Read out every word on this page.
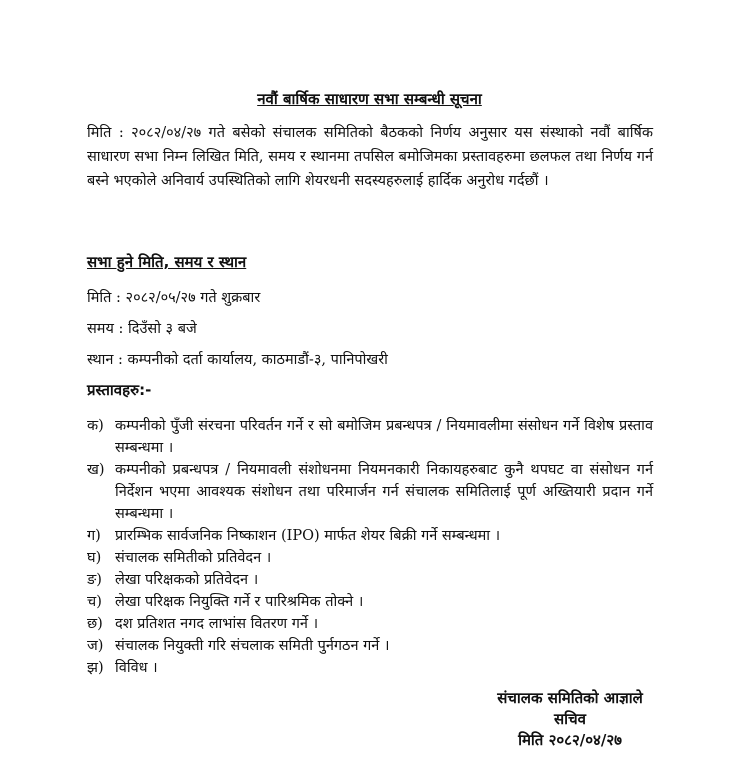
नवौं बार्षिक साधारण सभा सम्बन्धी सूचना
मिति : २०८२/०४/२७ गते बसेको संचालक समितिको बैठकको निर्णय अनुसार यस संस्थाको नवौं बार्षिक साधारण सभा निम्न लिखित मिति, समय र स्थानमा तपसिल बमोजिमका प्रस्तावहरुमा छलफल तथा निर्णय गर्न बस्ने भएकोले अनिवार्य उपस्थितिको लागि शेयरधनी सदस्यहरुलाई हार्दिक अनुरोध गर्दछौं ।
सभा हुने मिति, समय र स्थान
मिति : २०८२/०५/२७ गते शुक्रबार
समय : दिउँसो ३ बजे
स्थान : कम्पनीको दर्ता कार्यालय, काठमाडौं-३, पानिपोखरी
प्रस्तावहरु:-
क) कम्पनीको पुँजी संरचना परिवर्तन गर्ने र सो बमोजिम प्रबन्धपत्र / नियमावलीमा संसोधन गर्ने विशेष प्रस्ताव सम्बन्धमा ।
ख) कम्पनीको प्रबन्धपत्र / नियमावली संशोधनमा नियमनकारी निकायहरुबाट कुनै थपघट वा संसोधन गर्न निर्देशन भएमा आवश्यक संशोधन तथा परिमार्जन गर्न संचालक समितिलाई पूर्ण अख्तियारी प्रदान गर्ने सम्बन्धमा ।
ग) प्रारम्भिक सार्वजनिक निष्काशन (IPO) मार्फत शेयर बिक्री गर्ने सम्बन्धमा ।
घ) संचालक समितीको प्रतिवेदन ।
ङ) लेखा परिक्षकको प्रतिवेदन ।
च) लेखा परिक्षक नियुक्ति गर्ने र पारिश्रमिक तोक्ने ।
छ) दश प्रतिशत नगद लाभांस वितरण गर्ने ।
ज) संचालक नियुक्ती गरि संचलाक समिती पुर्नगठन गर्ने ।
झ) विविध ।
संचालक समितिको आज्ञाले
सचिव
मिति २०८२/०४/२७
